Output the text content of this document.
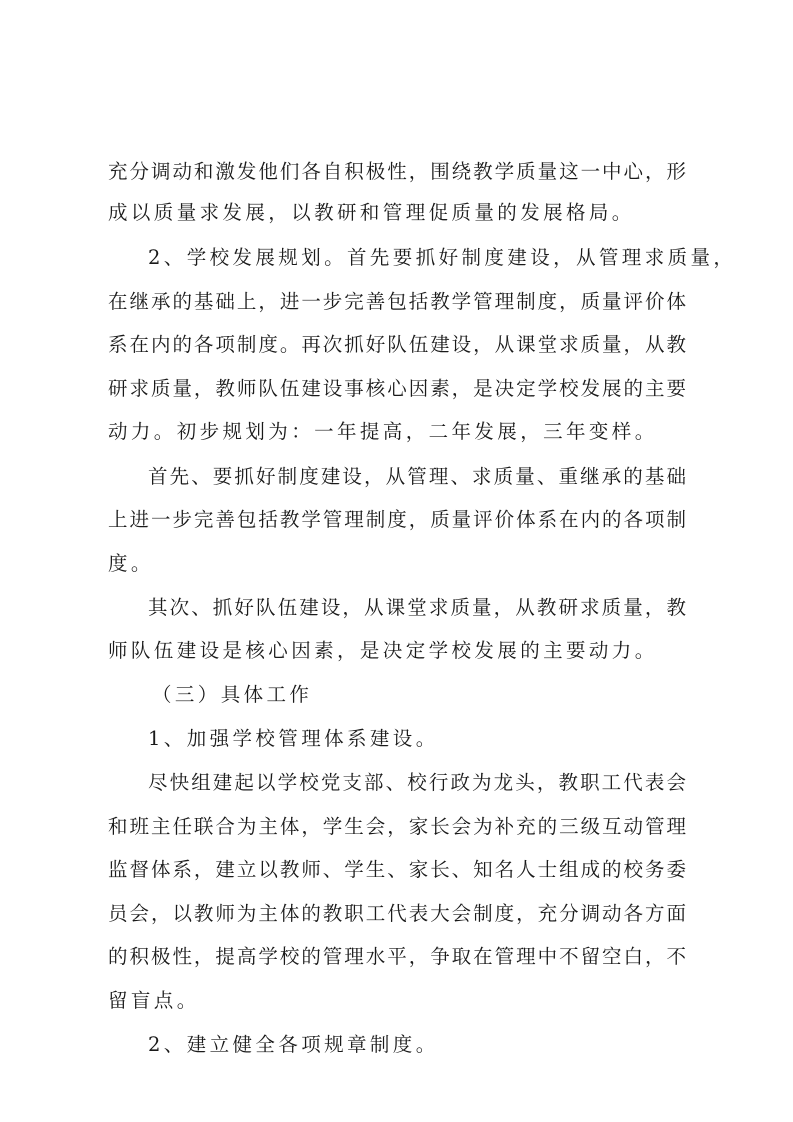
充分调动和激发他们各自积极性，围绕教学质量这一中心，形
成以质量求发展，以教研和管理促质量的发展格局。
2、学校发展规划。首先要抓好制度建设，从管理求质量，
在继承的基础上，进一步完善包括教学管理制度，质量评价体
系在内的各项制度。再次抓好队伍建设，从课堂求质量，从教
研求质量，教师队伍建设事核心因素，是决定学校发展的主要
动力。初步规划为：一年提高，二年发展，三年变样。
首先、要抓好制度建设，从管理、求质量、重继承的基础
上进一步完善包括教学管理制度，质量评价体系在内的各项制
度。
其次、抓好队伍建设，从课堂求质量，从教研求质量，教
师队伍建设是核心因素，是决定学校发展的主要动力。
（三）具体工作
1、加强学校管理体系建设。
尽快组建起以学校党支部、校行政为龙头，教职工代表会
和班主任联合为主体，学生会，家长会为补充的三级互动管理
监督体系，建立以教师、学生、家长、知名人士组成的校务委
员会，以教师为主体的教职工代表大会制度，充分调动各方面
的积极性，提高学校的管理水平，争取在管理中不留空白，不
留盲点。
2、建立健全各项规章制度。
